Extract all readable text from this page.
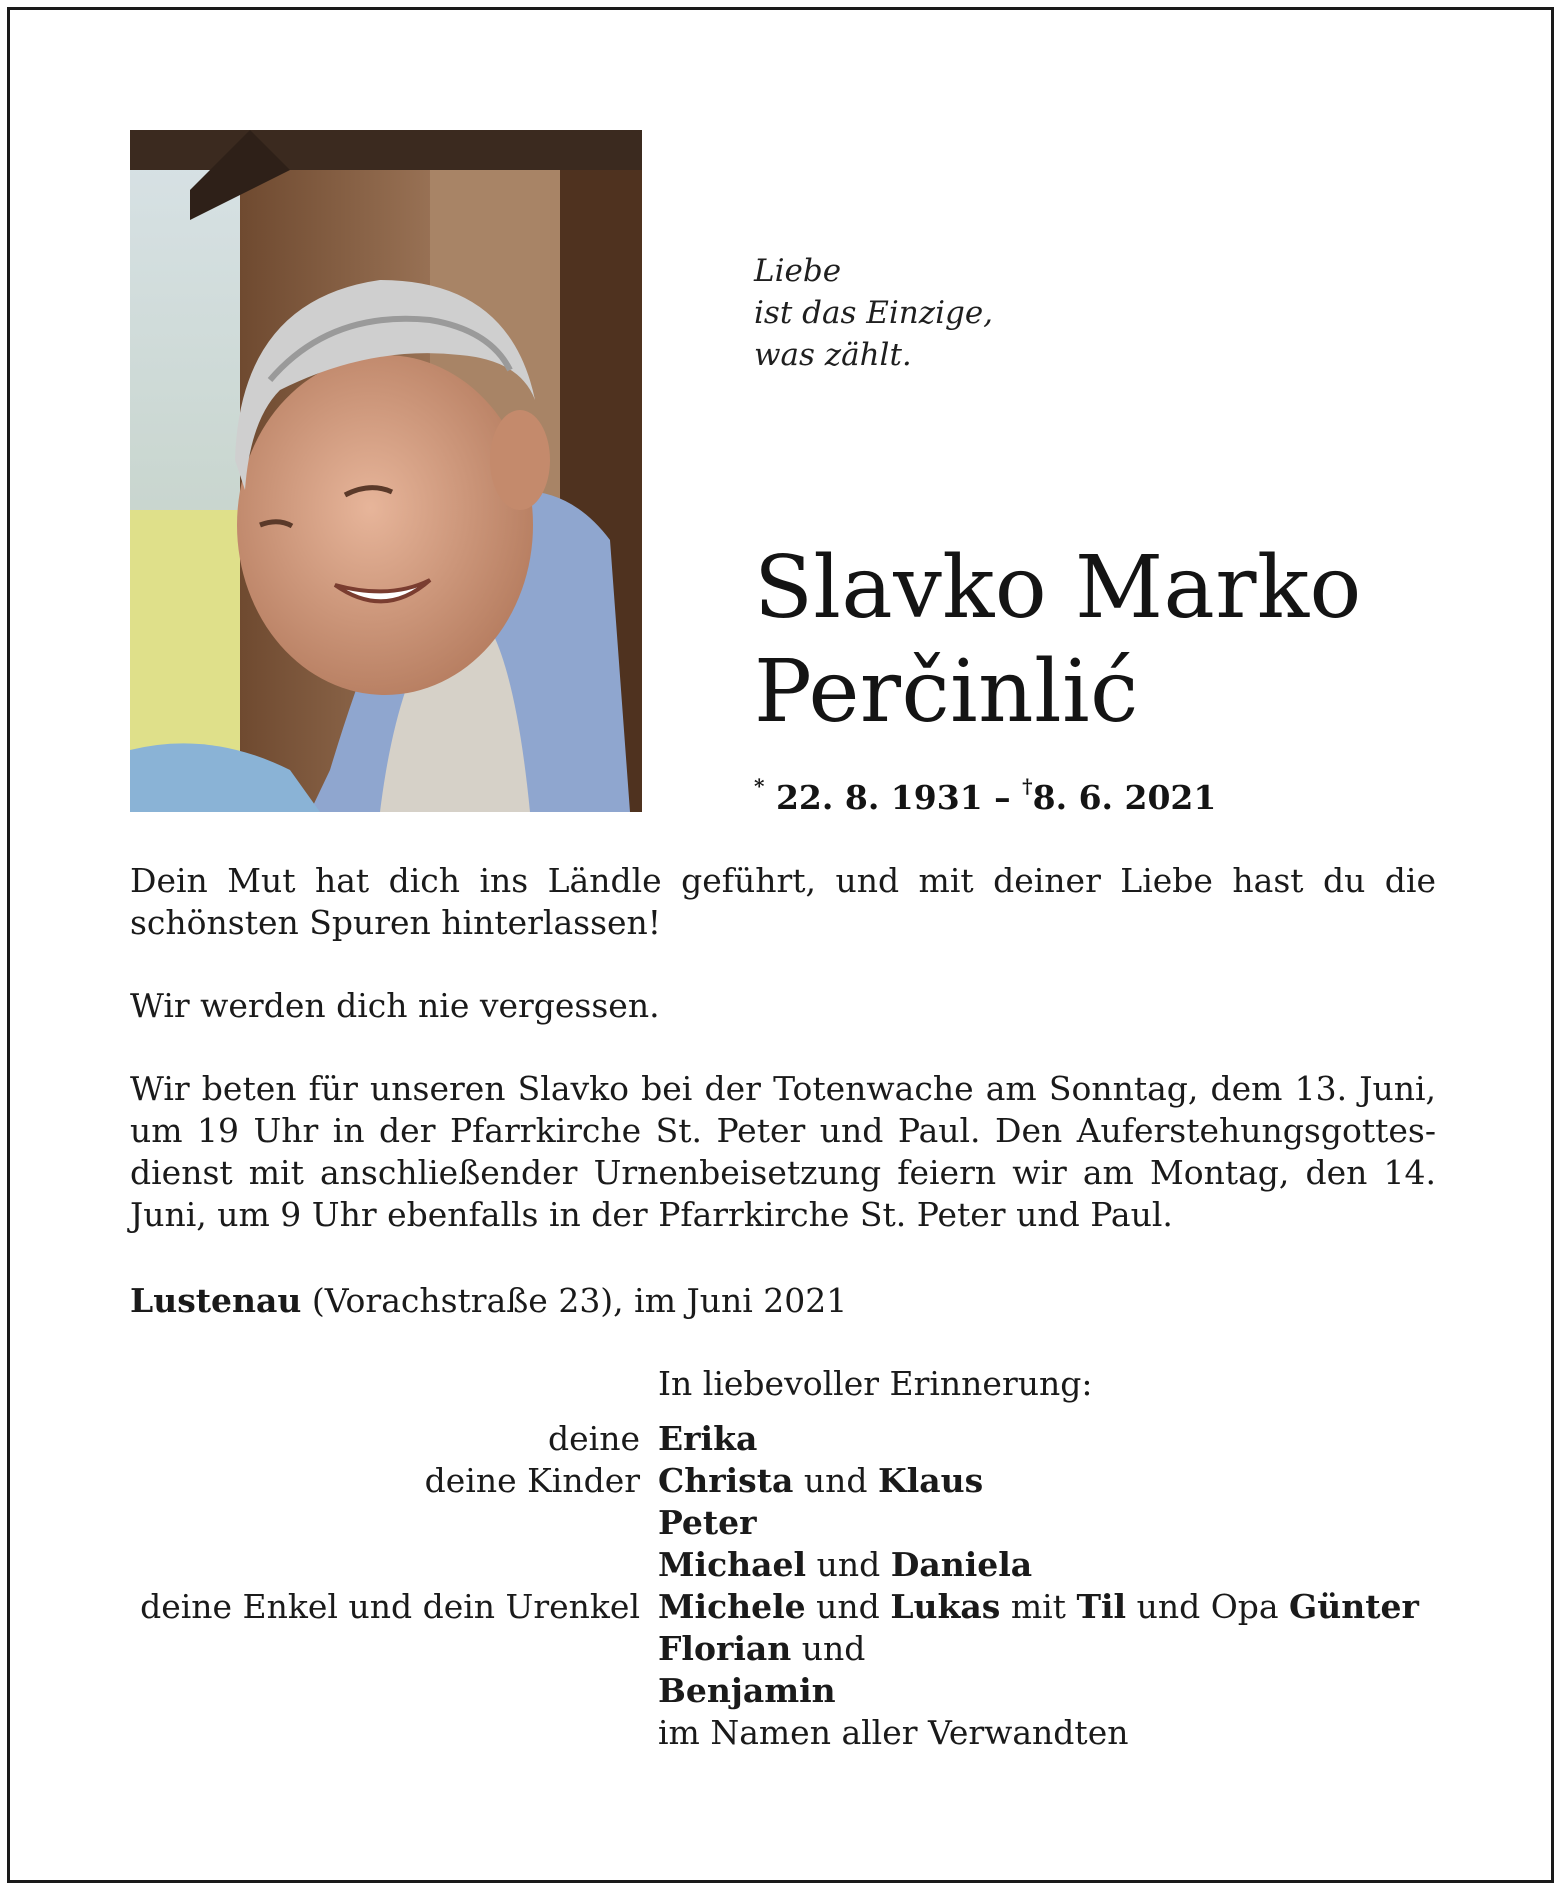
Liebe
ist das Einzige,
was zählt.
Slavko Marko
Perčinlić
* 22. 8. 1931 – †8. 6. 2021
Dein Mut hat dich ins Ländle geführt, und mit deiner Liebe hast du die schönsten Spuren hinterlassen!
Wir werden dich nie vergessen.
Wir beten für unseren Slavko bei der Totenwache am Sonntag, dem 13. Juni, um 19 Uhr in der Pfarrkirche St. Peter und Paul. Den Auferstehungsgottesdienst mit anschließender Urnenbeisetzung feiern wir am Montag, den 14. Juni, um 9 Uhr ebenfalls in der Pfarrkirche St. Peter und Paul.
Lustenau (Vorachstraße 23), im Juni 2021
In liebevoller Erinnerung:
deine Erika
deine Kinder Christa und Klaus
Peter
Michael und Daniela
deine Enkel und dein Urenkel Michele und Lukas mit Til und Opa Günter
Florian und
Benjamin
im Namen aller Verwandten
